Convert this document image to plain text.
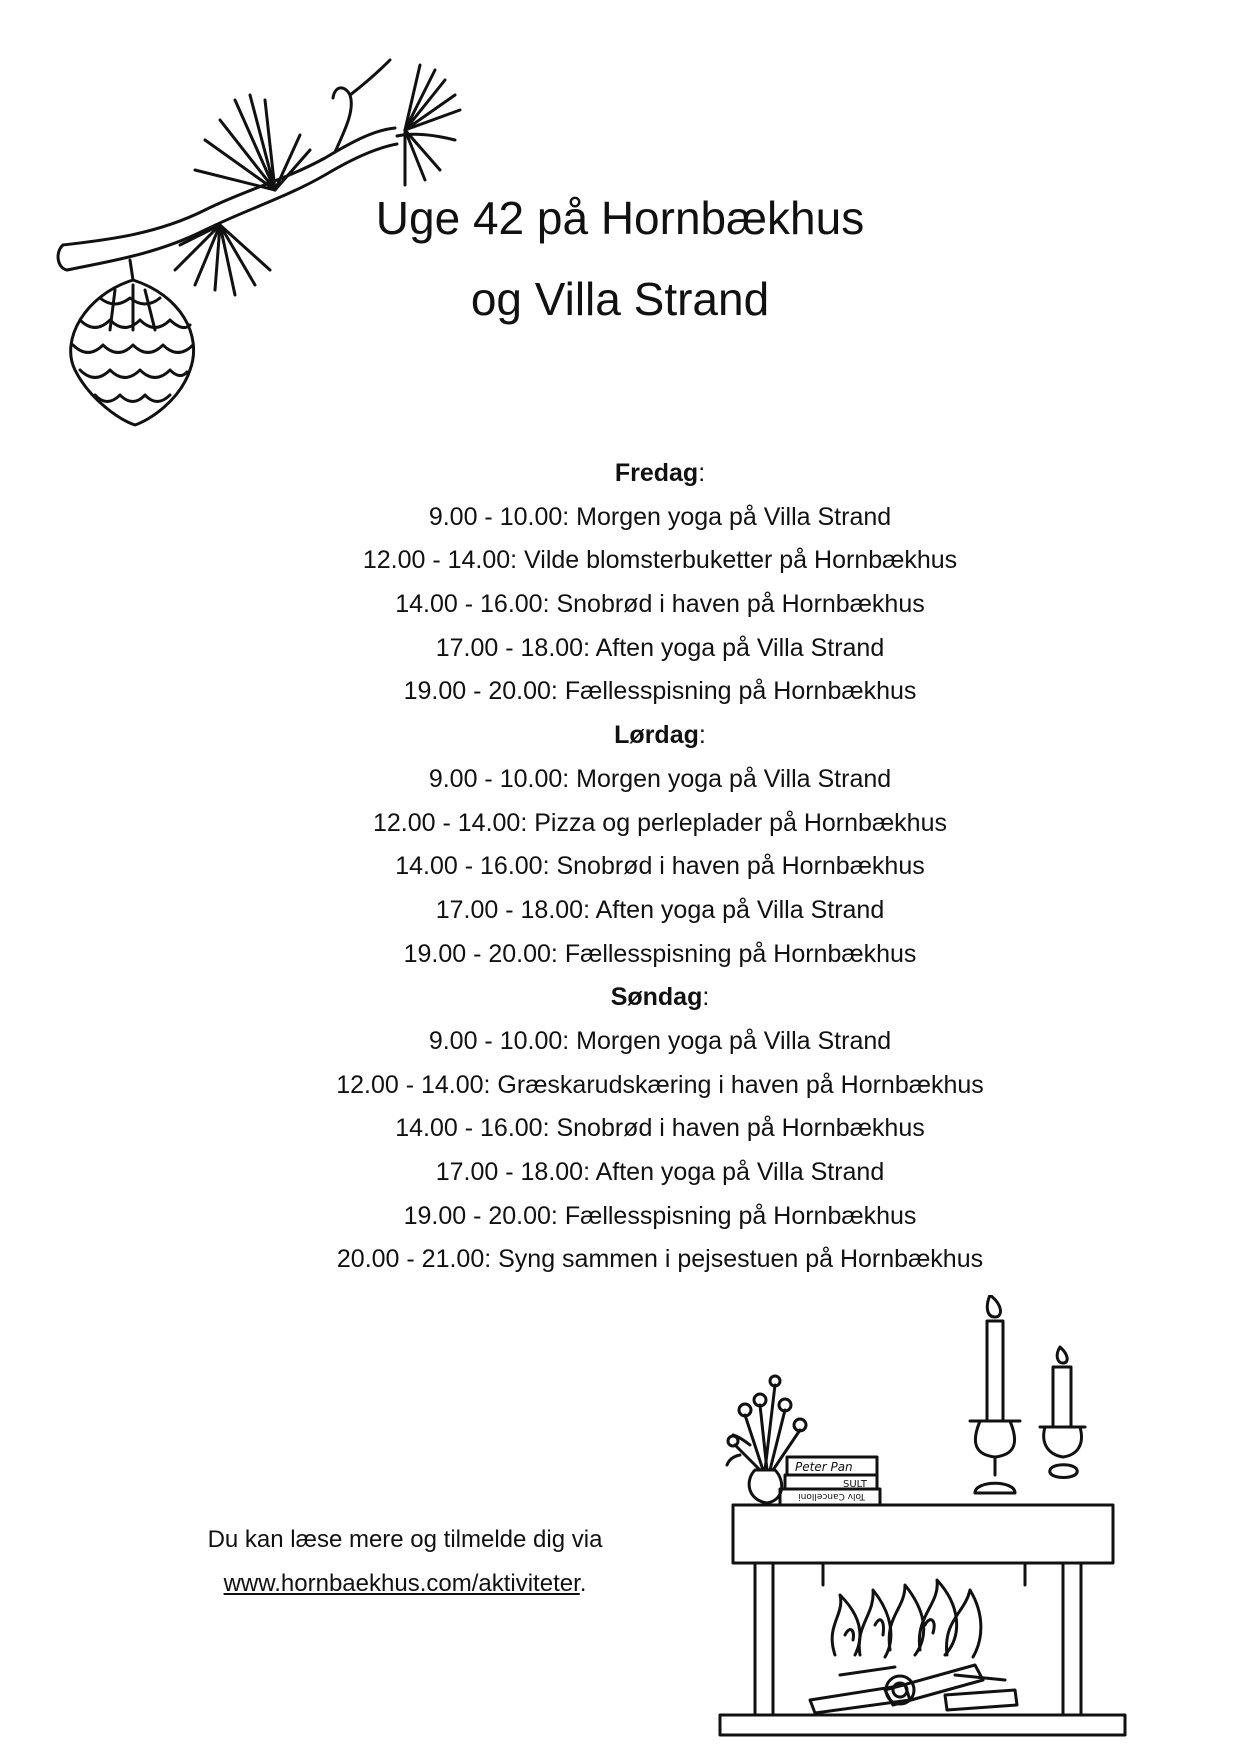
Uge 42 på Hornbækhus
og Villa Strand
Fredag:
9.00 - 10.00: Morgen yoga på Villa Strand
12.00 - 14.00: Vilde blomsterbuketter på Hornbækhus
14.00 - 16.00: Snobrød i haven på Hornbækhus
17.00 - 18.00: Aften yoga på Villa Strand
19.00 - 20.00: Fællesspisning på Hornbækhus
Lørdag:
9.00 - 10.00: Morgen yoga på Villa Strand
12.00 - 14.00: Pizza og perleplader på Hornbækhus
14.00 - 16.00: Snobrød i haven på Hornbækhus
17.00 - 18.00: Aften yoga på Villa Strand
19.00 - 20.00: Fællesspisning på Hornbækhus
Søndag:
9.00 - 10.00: Morgen yoga på Villa Strand
12.00 - 14.00: Græskarudskæring i haven på Hornbækhus
14.00 - 16.00: Snobrød i haven på Hornbækhus
17.00 - 18.00: Aften yoga på Villa Strand
19.00 - 20.00: Fællesspisning på Hornbækhus
20.00 - 21.00: Syng sammen i pejsestuen på Hornbækhus
Du kan læse mere og tilmelde dig via
www.hornbaekhus.com/aktiviteter.
Peter Pan
SULT
Tolv Cancelloni
